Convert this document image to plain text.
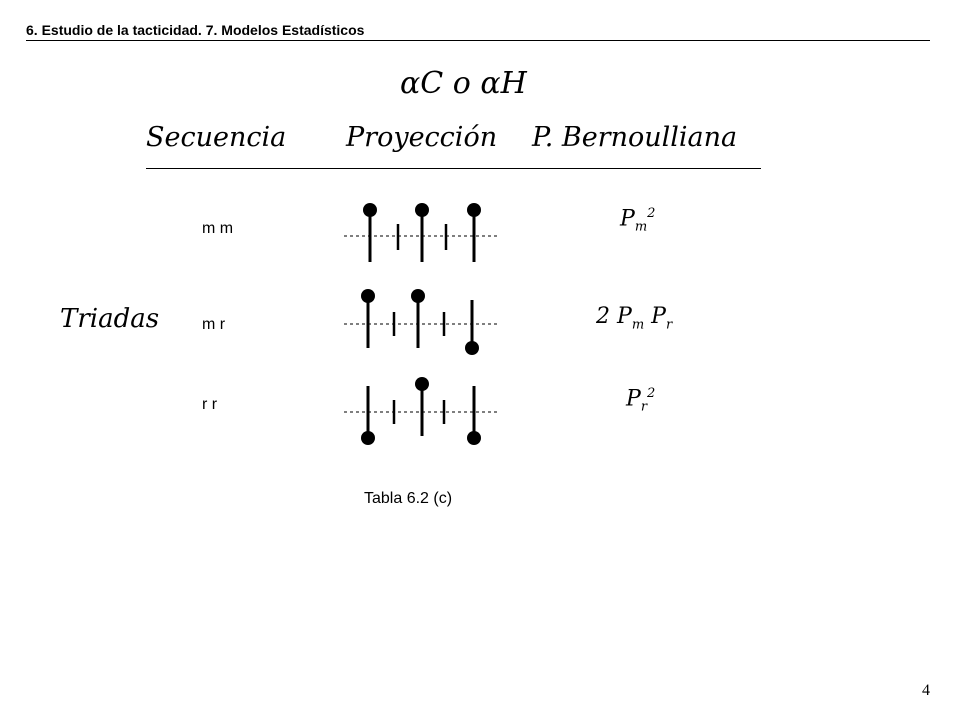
6. Estudio de la tacticidad. 7. Modelos Estadísticos
αC o αH
Secuencia Proyección P. Bernoulliana
Triadas
m m	$P_m^2$
m r	2 $P_m$ $P_r$
r r	$P_r^2$
Tabla 6.2 (c)
4
